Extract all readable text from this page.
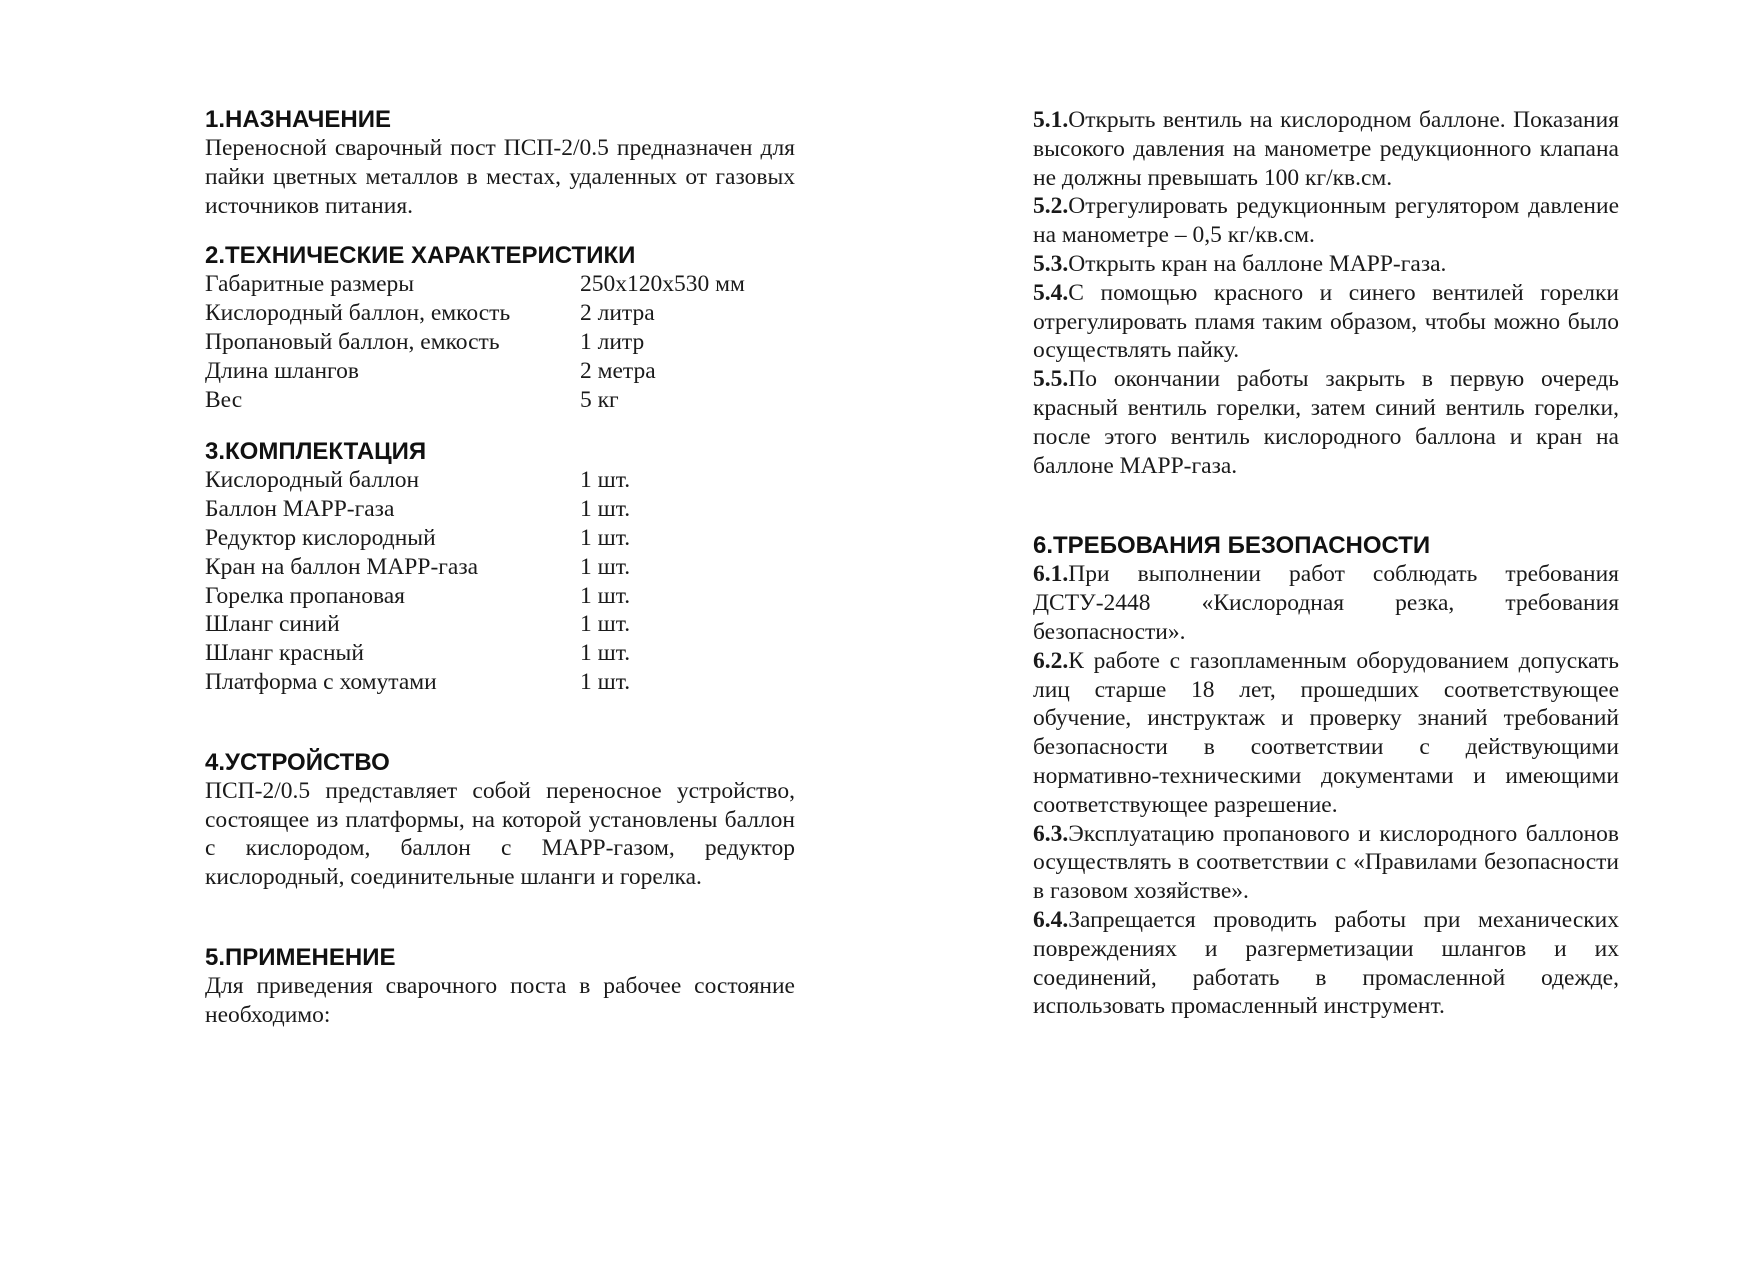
1.НАЗНАЧЕНИЕ

Переносной сварочный пост ПСП-2/0.5 предназначен для пайки цветных металлов в местах, удаленных от газовых источников питания.

2.ТЕХНИЧЕСКИЕ ХАРАКТЕРИСТИКИ
Габаритные размеры	250х120х530 мм
Кислородный баллон, емкость	2 литра
Пропановый баллон, емкость	1 литр
Длина шлангов	2 метра
Вес	5 кг
3.КОМПЛЕКТАЦИЯ
Кислородный баллон	1 шт.
Баллон МАРР-газа	1 шт.
Редуктор кислородный	1 шт.
Кран на баллон МАРР-газа	1 шт.
Горелка пропановая	1 шт.
Шланг синий	1 шт.
Шланг красный	1 шт.
Платформа с хомутами	1 шт.
4.УСТРОЙСТВО

ПСП-2/0.5 представляет собой переносное устройство, состоящее из платформы, на которой установлены баллон с кислородом, баллон с МАРР-газом, редуктор кислородный, соединительные шланги и горелка.

5.ПРИМЕНЕНИЕ

Для приведения сварочного поста в рабочее состояние необходимо:

5.1.Открыть вентиль на кислородном баллоне. Показания высокого давления на манометре редукционного клапана не должны превышать 100 кг/кв.см.

5.2.Отрегулировать редукционным регулятором давление на манометре – 0,5 кг/кв.см.

5.3.Открыть кран на баллоне МАРР-газа.

5.4.С помощью красного и синего вентилей горелки отрегулировать пламя таким образом, чтобы можно было осуществлять пайку.

5.5.По окончании работы закрыть в первую очередь красный вентиль горелки, затем синий вентиль горелки, после этого вентиль кислородного баллона и кран на баллоне МАРР-газа.

6.ТРЕБОВАНИЯ БЕЗОПАСНОСТИ

6.1.При выполнении работ соблюдать требования ДСТУ-2448 «Кислородная резка, требования безопасности».

6.2.К работе с газопламенным оборудованием допускать лиц старше 18 лет, прошедших соответствующее обучение, инструктаж и проверку знаний требований безопасности в соответствии с действующими нормативно-техническими документами и имеющими соответствующее разрешение.

6.3.Эксплуатацию пропанового и кислородного баллонов осуществлять в соответствии с «Правилами безопасности в газовом хозяйстве».

6.4.Запрещается проводить работы при механических повреждениях и разгерметизации шлангов и их соединений, работать в промасленной одежде, использовать промасленный инструмент.
